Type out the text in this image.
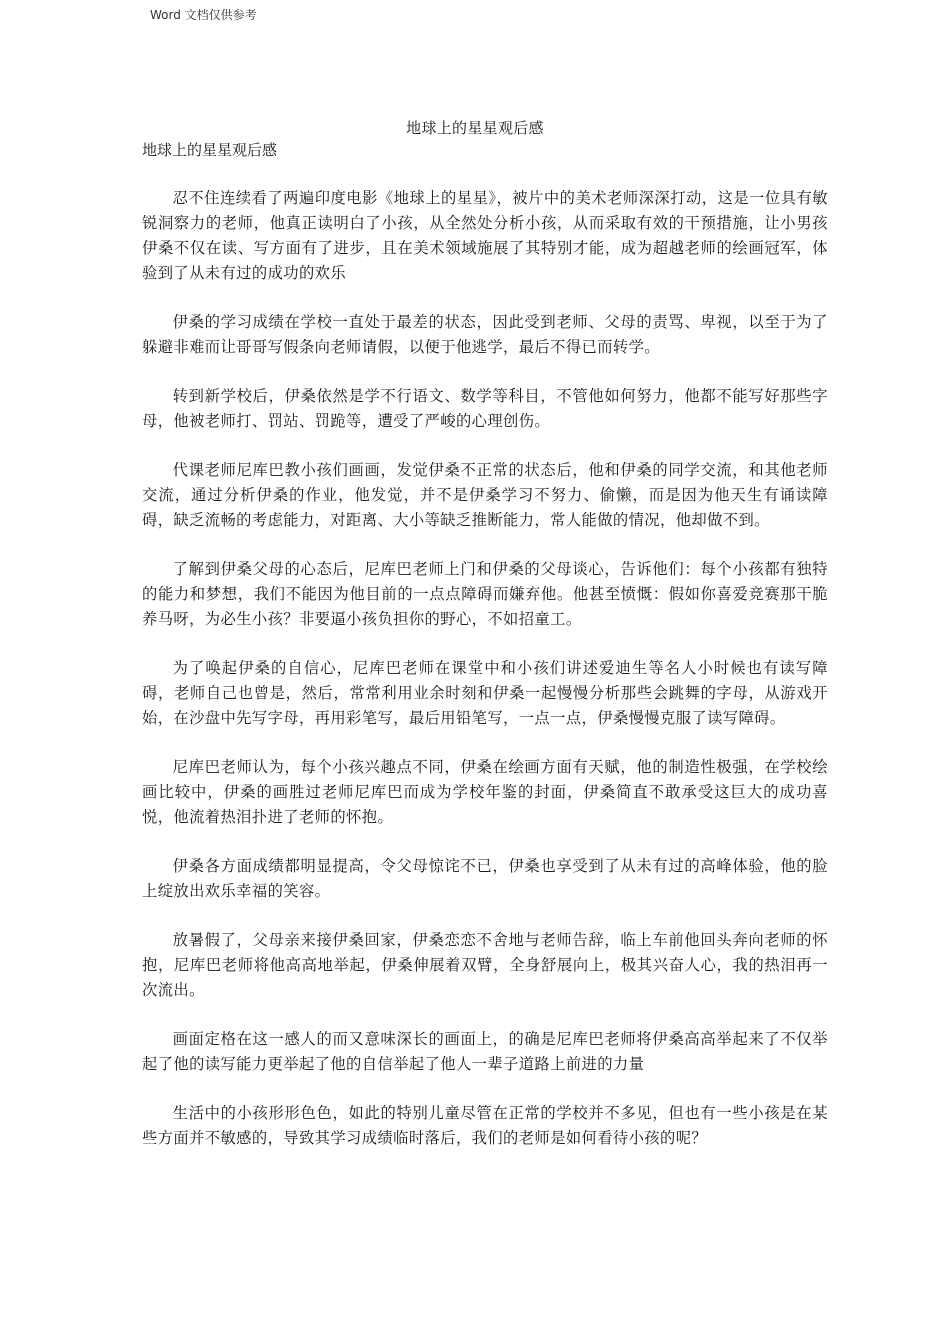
Word 文档仅供参考
地球上的星星观后感
地球上的星星观后感

忍不住连续看了两遍印度电影《地球上的星星》，被片中的美术老师深深打动，这是一位具有敏锐洞察力的老师，他真正读明白了小孩，从全然处分析小孩，从而采取有效的干预措施，让小男孩伊桑不仅在读、写方面有了进步，且在美术领域施展了其特别才能，成为超越老师的绘画冠军，体验到了从未有过的成功的欢乐

伊桑的学习成绩在学校一直处于最差的状态，因此受到老师、父母的责骂、卑视，以至于为了躲避非难而让哥哥写假条向老师请假，以便于他逃学，最后不得已而转学。

转到新学校后，伊桑依然是学不行语文、数学等科目，不管他如何努力，他都不能写好那些字母，他被老师打、罚站、罚跪等，遭受了严峻的心理创伤。

代课老师尼库巴教小孩们画画，发觉伊桑不正常的状态后，他和伊桑的同学交流，和其他老师交流，通过分析伊桑的作业，他发觉，并不是伊桑学习不努力、偷懒，而是因为他天生有诵读障碍，缺乏流畅的考虑能力，对距离、大小等缺乏推断能力，常人能做的情况，他却做不到。

了解到伊桑父母的心态后，尼库巴老师上门和伊桑的父母谈心，告诉他们：每个小孩都有独特的能力和梦想，我们不能因为他目前的一点点障碍而嫌弃他。他甚至愤慨：假如你喜爱竞赛那干脆养马呀，为必生小孩？非要逼小孩负担你的野心，不如招童工。

为了唤起伊桑的自信心，尼库巴老师在课堂中和小孩们讲述爱迪生等名人小时候也有读写障碍，老师自己也曾是，然后，常常利用业余时刻和伊桑一起慢慢分析那些会跳舞的字母，从游戏开始，在沙盘中先写字母，再用彩笔写，最后用铅笔写，一点一点，伊桑慢慢克服了读写障碍。

尼库巴老师认为，每个小孩兴趣点不同，伊桑在绘画方面有天赋，他的制造性极强，在学校绘画比较中，伊桑的画胜过老师尼库巴而成为学校年鉴的封面，伊桑简直不敢承受这巨大的成功喜悦，他流着热泪扑进了老师的怀抱。

伊桑各方面成绩都明显提高，令父母惊诧不已，伊桑也享受到了从未有过的高峰体验，他的脸上绽放出欢乐幸福的笑容。

放暑假了，父母亲来接伊桑回家，伊桑恋恋不舍地与老师告辞，临上车前他回头奔向老师的怀抱，尼库巴老师将他高高地举起，伊桑伸展着双臂，全身舒展向上，极其兴奋人心，我的热泪再一次流出。

画面定格在这一感人的而又意味深长的画面上，的确是尼库巴老师将伊桑高高举起来了不仅举起了他的读写能力更举起了他的自信举起了他人一辈子道路上前进的力量

生活中的小孩形形色色，如此的特别儿童尽管在正常的学校并不多见，但也有一些小孩是在某些方面并不敏感的，导致其学习成绩临时落后，我们的老师是如何看待小孩的呢？
